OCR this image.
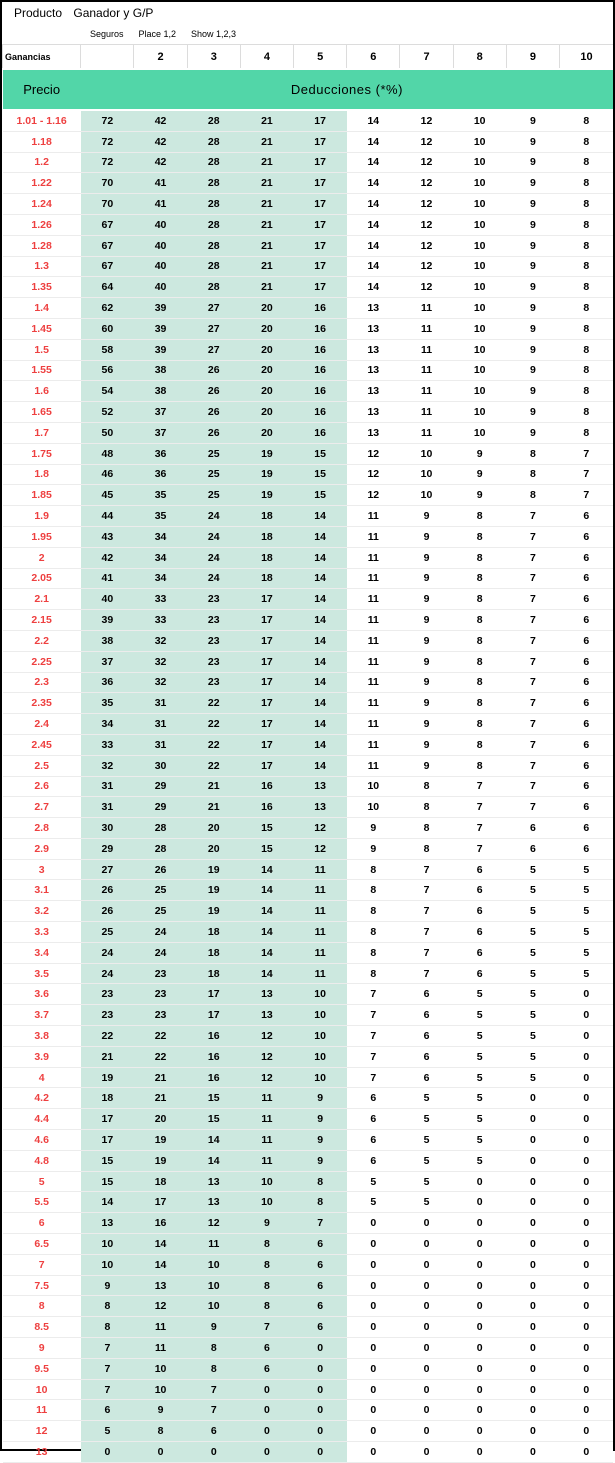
Producto Ganador y G/P
Seguros Place 1,2 Show 1,2,3
Ganancias		2	3	4	5	6	7	8	9	10
Precio	Deducciones (*%)									
1.01 - 1.16	72	42	28	21	17	14	12	10	9	8
1.18	72	42	28	21	17	14	12	10	9	8
1.2	72	42	28	21	17	14	12	10	9	8
1.22	70	41	28	21	17	14	12	10	9	8
1.24	70	41	28	21	17	14	12	10	9	8
1.26	67	40	28	21	17	14	12	10	9	8
1.28	67	40	28	21	17	14	12	10	9	8
1.3	67	40	28	21	17	14	12	10	9	8
1.35	64	40	28	21	17	14	12	10	9	8
1.4	62	39	27	20	16	13	11	10	9	8
1.45	60	39	27	20	16	13	11	10	9	8
1.5	58	39	27	20	16	13	11	10	9	8
1.55	56	38	26	20	16	13	11	10	9	8
1.6	54	38	26	20	16	13	11	10	9	8
1.65	52	37	26	20	16	13	11	10	9	8
1.7	50	37	26	20	16	13	11	10	9	8
1.75	48	36	25	19	15	12	10	9	8	7
1.8	46	36	25	19	15	12	10	9	8	7
1.85	45	35	25	19	15	12	10	9	8	7
1.9	44	35	24	18	14	11	9	8	7	6
1.95	43	34	24	18	14	11	9	8	7	6
2	42	34	24	18	14	11	9	8	7	6
2.05	41	34	24	18	14	11	9	8	7	6
2.1	40	33	23	17	14	11	9	8	7	6
2.15	39	33	23	17	14	11	9	8	7	6
2.2	38	32	23	17	14	11	9	8	7	6
2.25	37	32	23	17	14	11	9	8	7	6
2.3	36	32	23	17	14	11	9	8	7	6
2.35	35	31	22	17	14	11	9	8	7	6
2.4	34	31	22	17	14	11	9	8	7	6
2.45	33	31	22	17	14	11	9	8	7	6
2.5	32	30	22	17	14	11	9	8	7	6
2.6	31	29	21	16	13	10	8	7	7	6
2.7	31	29	21	16	13	10	8	7	7	6
2.8	30	28	20	15	12	9	8	7	6	6
2.9	29	28	20	15	12	9	8	7	6	6
3	27	26	19	14	11	8	7	6	5	5
3.1	26	25	19	14	11	8	7	6	5	5
3.2	26	25	19	14	11	8	7	6	5	5
3.3	25	24	18	14	11	8	7	6	5	5
3.4	24	24	18	14	11	8	7	6	5	5
3.5	24	23	18	14	11	8	7	6	5	5
3.6	23	23	17	13	10	7	6	5	5	0
3.7	23	23	17	13	10	7	6	5	5	0
3.8	22	22	16	12	10	7	6	5	5	0
3.9	21	22	16	12	10	7	6	5	5	0
4	19	21	16	12	10	7	6	5	5	0
4.2	18	21	15	11	9	6	5	5	0	0
4.4	17	20	15	11	9	6	5	5	0	0
4.6	17	19	14	11	9	6	5	5	0	0
4.8	15	19	14	11	9	6	5	5	0	0
5	15	18	13	10	8	5	5	0	0	0
5.5	14	17	13	10	8	5	5	0	0	0
6	13	16	12	9	7	0	0	0	0	0
6.5	10	14	11	8	6	0	0	0	0	0
7	10	14	10	8	6	0	0	0	0	0
7.5	9	13	10	8	6	0	0	0	0	0
8	8	12	10	8	6	0	0	0	0	0
8.5	8	11	9	7	6	0	0	0	0	0
9	7	11	8	6	0	0	0	0	0	0
9.5	7	10	8	6	0	0	0	0	0	0
10	7	10	7	0	0	0	0	0	0	0
11	6	9	7	0	0	0	0	0	0	0
12	5	8	6	0	0	0	0	0	0	0
13	0	0	0	0	0	0	0	0	0	0
